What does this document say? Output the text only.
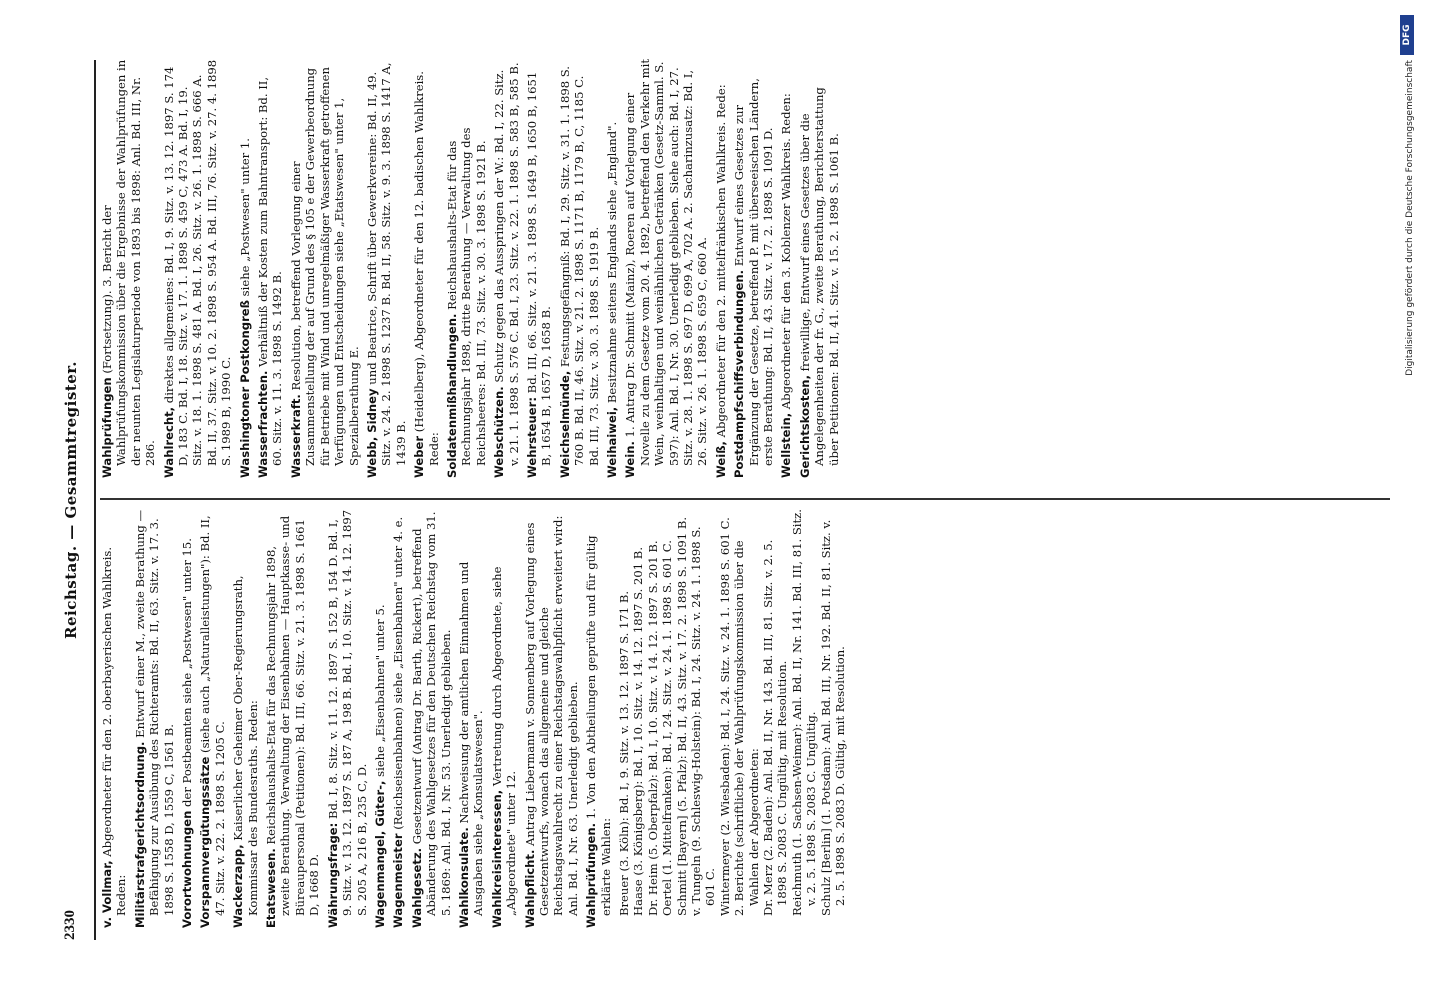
2330
Reichstag. — Gesammtregister.

v. Vollmar, Abgeordneter für den 2. oberbayerischen Wahlkreis. Reden: Militärstrafgerichtsordnung. Entwurf einer M., zweite Berathung — Befähigung zur Ausübung des Richteramts: Bd. II, 63. Sitz. v. 17. 3. 1898 S. 1558 D, 1559 C, 1561 B. Vorortwohnungen der Postbeamten siehe „Postwesen" unter 15.

Vorspannvergütungssätze (siehe auch „Naturalleistungen"): Bd. II, 47. Sitz. v. 22. 2. 1898 S. 1205 C. Wackerzapp, Kaiserlicher Geheimer Ober-Regierungsrath, Kommissar des Bundesraths. Reden: Etatswesen. Reichshaushalts-Etat für das Rechnungsjahr 1898, zweite Berathung. Verwaltung der Eisenbahnen — Hauptkasse- und Büreaupersonal (Petitionen): Bd. III, 66. Sitz. v. 21. 3. 1898 S. 1661 D, 1668 D. Währungsfrage: Bd. I, 8. Sitz. v. 11. 12. 1897 S. 152 B, 154 D. Bd. I, 9. Sitz. v. 13. 12. 1897 S. 187 A, 198 B. Bd. I, 10. Sitz. v. 14. 12. 1897 S. 205 A, 216 B, 235 C, D. Wagenmangel, Güter-, siehe „Eisenbahnen" unter 5.

Wagenmeister (Reichseisenbahnen) siehe „Eisenbahnen" unter 4. e.

Wahlgesetz. Gesetzentwurf (Antrag Dr. Barth, Rickert), betreffend Abänderung des Wahlgesetzes für den Deutschen Reichstag vom 31. 5. 1869: Anl. Bd. I, Nr. 53. Unerledigt geblieben. Wahlkonsulate. Nachweisung der amtlichen Einnahmen und Ausgaben siehe „Konsulatswesen". Wahlkreisinteressen, Vertretung durch Abgeordnete, siehe „Abgeordnete" unter 12. Wahlpflicht. Antrag Liebermann v. Sonnenberg auf Vorlegung eines Gesetzentwurfs, wonach das allgemeine und gleiche Reichstagswahlrecht zu einer Reichstagswahlpflicht erweitert wird: Anl. Bd. I, Nr. 63. Unerledigt geblieben. Wahlprüfungen. 1. Von den Abtheilungen geprüfte und für gültig erklärte Wahlen: Breuer (3. Köln): Bd. I, 9. Sitz. v. 13. 12. 1897 S. 171 B. Haase (3. Königsberg): Bd. I, 10. Sitz. v. 14. 12. 1897 S. 201 B. Dr. Heim (5. Oberpfalz): Bd. I, 10. Sitz. v. 14. 12. 1897 S. 201 B. Oertel (1. Mittelfranken): Bd. I, 24. Sitz. v. 24. 1. 1898 S. 601 C. Schmitt [Bayern] (5. Pfalz): Bd. II, 43. Sitz. v. 17. 2. 1898 S. 1091 B. v. Tungeln (9. Schleswig-Holstein): Bd. I, 24. Sitz. v. 24. 1. 1898 S. 601 C. Wintermeyer (2. Wiesbaden): Bd. I, 24. Sitz. v. 24. 1. 1898 S. 601 C. 2. Berichte (schriftliche) der Wahlprüfungskommission über die Wahlen der Abgeordneten: Dr. Merz (2. Baden): Anl. Bd. II, Nr. 143. Bd. III, 81. Sitz. v. 2. 5. 1898 S. 2083 C. Ungültig, mit Resolution. Reichmuth (1. Sachsen-Weimar): Anl. Bd. II, Nr. 141. Bd. III, 81. Sitz. v. 2. 5. 1898 S. 2083 C. Ungültig. Schulz [Berlin] (1. Potsdam): Anl. Bd. III, Nr. 192. Bd. II, 81. Sitz. v. 2. 5. 1898 S. 2083 D. Gültig, mit Resolution.

Wahlprüfungen (Fortsetzung). 3. Bericht der Wahlprüfungskommission über die Ergebnisse der Wahlprüfungen in der neunten Legislaturperiode von 1893 bis 1898: Anl. Bd. III, Nr. 286. Wahlrecht, direktes allgemeines: Bd. I, 9. Sitz. v. 13. 12. 1897 S. 174 D, 183 C. Bd. I, 18. Sitz. v. 17. 1. 1898 S. 459 C, 473 A. Bd. I, 19. Sitz. v. 18. 1. 1898 S. 481 A. Bd. I, 26. Sitz. v. 26. 1. 1898 S. 666 A. Bd. II, 37. Sitz. v. 10. 2. 1898 S. 954 A. Bd. III, 76. Sitz. v. 27. 4. 1898 S. 1989 B, 1990 C. Washingtoner Postkongreß siehe „Postwesen" unter 1.

Wasserfrachten. Verhältniß der Kosten zum Bahntransport: Bd. II, 60. Sitz. v. 11. 3. 1898 S. 1492 B. Wasserkraft. Resolution, betreffend Vorlegung einer Zusammenstellung der auf Grund des § 105 e der Gewerbeordnung für Betriebe mit Wind und unregelmäßiger Wasserkraft getroffenen Verfügungen und Entscheidungen siehe „Etatswesen" unter 1, Spezialberathung E. Webb, Sidney und Beatrice, Schrift über Gewerkvereine: Bd. II, 49. Sitz. v. 24. 2. 1898 S. 1237 B. Bd. II, 58. Sitz. v. 9. 3. 1898 S. 1417 A, 1439 B. Weber (Heidelberg), Abgeordneter für den 12. badischen Wahlkreis. Rede: Soldatenmißhandlungen. Reichshaushalts-Etat für das Rechnungsjahr 1898, dritte Berathung — Verwaltung des Reichsheeres: Bd. III, 73. Sitz. v. 30. 3. 1898 S. 1921 B. Webschützen. Schutz gegen das Ausspringen der W.: Bd. I, 22. Sitz. v. 21. 1. 1898 S. 576 C. Bd. I, 23. Sitz. v. 22. 1. 1898 S. 583 B, 585 B. Wehrsteuer: Bd. III, 66. Sitz. v. 21. 3. 1898 S. 1649 B, 1650 B, 1651 B, 1654 B, 1657 D, 1658 B. Weichselmünde, Festungsgefängniß: Bd. I, 29. Sitz. v. 31. 1. 1898 S. 760 B. Bd. II, 46. Sitz. v. 21. 2. 1898 S. 1171 B, 1179 B, C, 1185 C. Bd. III, 73. Sitz. v. 30. 3. 1898 S. 1919 B. Weihaiwei, Besitznahme seitens Englands siehe „England".

Wein. 1. Antrag Dr. Schmitt (Mainz), Roeren auf Vorlegung einer Novelle zu dem Gesetze vom 20. 4. 1892, betreffend den Verkehr mit Wein, weinhaltigen und weinähnlichen Getränken (Gesetz-Samml. S. 597): Anl. Bd. I, Nr. 30. Unerledigt geblieben. Siehe auch: Bd. I, 27. Sitz. v. 28. 1. 1898 S. 697 D, 699 A, 702 A. 2. Sacharinzusatz: Bd. I, 26. Sitz. v. 26. 1. 1898 S. 659 C, 660 A. Weiß, Abgeordneter für den 2. mittelfränkischen Wahlkreis. Rede: Postdampfschiffsverbindungen. Entwurf eines Gesetzes zur Ergänzung der Gesetze, betreffend P. mit überseeischen Ländern, erste Berathung: Bd. II, 43. Sitz. v. 17. 2. 1898 S. 1091 D. Wellstein, Abgeordneter für den 3. Koblenzer Wahlkreis. Reden:

Gerichtskosten, freiwillige, Entwurf eines Gesetzes über die Angelegenheiten der fr. G., zweite Berathung, Berichterstattung über Petitionen: Bd. II, 41. Sitz. v. 15. 2. 1898 S. 1061 B.	Digitalisierung gefördert durch die Deutsche Forschungsgemeinschaft
DFG
